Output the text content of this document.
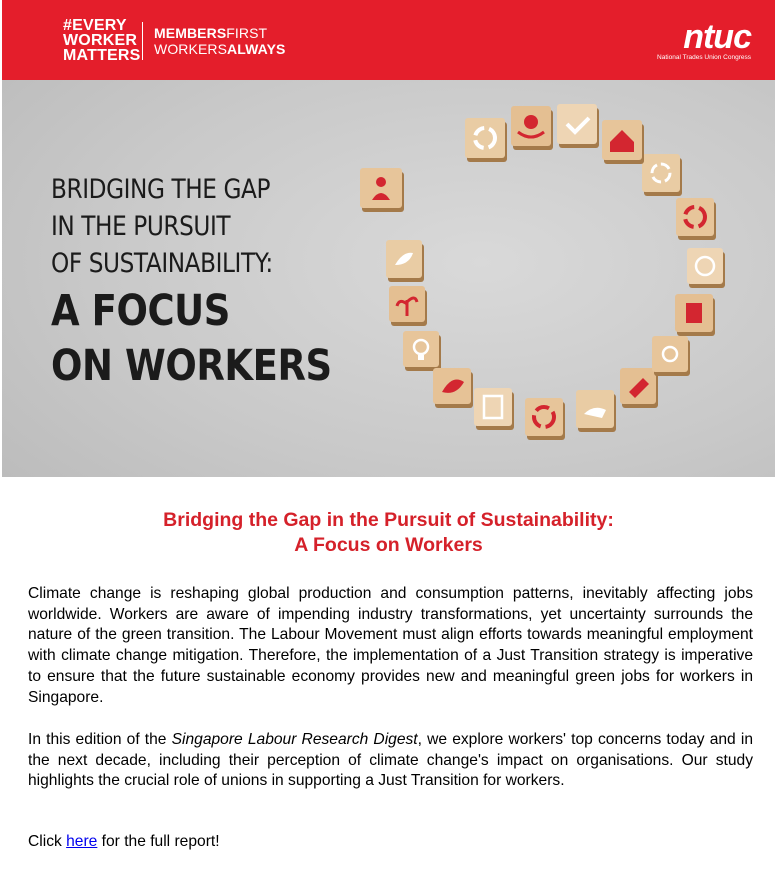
#EVERY
WORKER
MATTERS
MEMBERSFIRST
WORKERSALWAYS	ntuc
National Trades Union Congress
BRIDGING THE GAP
IN THE PURSUIT
OF SUSTAINABILITY:
A FOCUS
ON WORKERS
Bridging the Gap in the Pursuit of Sustainability:
A Focus on Workers
Climate change is reshaping global production and consumption patterns, inevitably affecting jobs worldwide. Workers are aware of impending industry transformations, yet uncertainty surrounds the nature of the green transition. The Labour Movement must align efforts towards meaningful employment with climate change mitigation. Therefore, the implementation of a Just Transition strategy is imperative to ensure that the future sustainable economy provides new and meaningful green jobs for workers in Singapore.
In this edition of the Singapore Labour Research Digest, we explore workers' top concerns today and in the next decade, including their perception of climate change's impact on organisations. Our study highlights the crucial role of unions in supporting a Just Transition for workers.
Click here for the full report!
